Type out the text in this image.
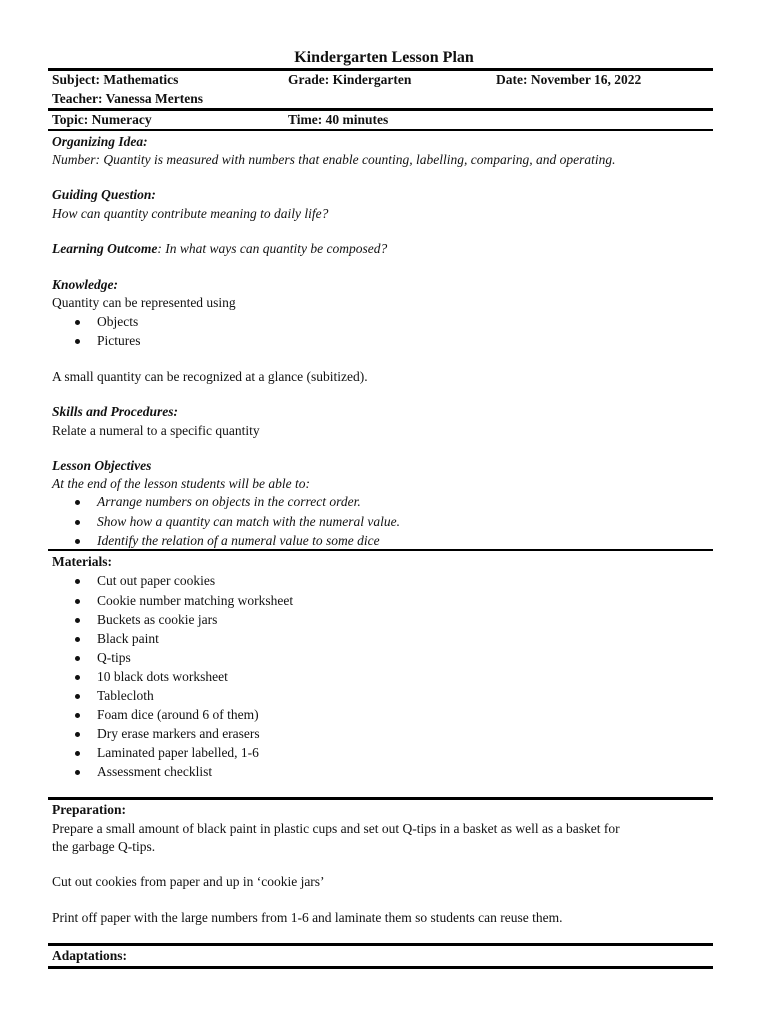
Kindergarten Lesson Plan
Subject: Mathematics	Grade: Kindergarten	Date: November 16, 2022
Teacher: Vanessa Mertens
Topic: Numeracy	Time: 40 minutes
Organizing Idea:
Number: Quantity is measured with numbers that enable counting, labelling, comparing, and operating.
Guiding Question:
How can quantity contribute meaning to daily life?
Learning Outcome: In what ways can quantity be composed?
Knowledge:
Quantity can be represented using
Objects
Pictures
A small quantity can be recognized at a glance (subitized).
Skills and Procedures:
Relate a numeral to a specific quantity
Lesson Objectives
At the end of the lesson students will be able to:
Arrange numbers on objects in the correct order.
Show how a quantity can match with the numeral value.
Identify the relation of a numeral value to some dice
Materials:
Cut out paper cookies
Cookie number matching worksheet
Buckets as cookie jars
Black paint
Q-tips
10 black dots worksheet
Tablecloth
Foam dice (around 6 of them)
Dry erase markers and erasers
Laminated paper labelled, 1-6
Assessment checklist
Preparation:
Prepare a small amount of black paint in plastic cups and set out Q-tips in a basket as well as a basket for
the garbage Q-tips.
Cut out cookies from paper and up in ‘cookie jars’
Print off paper with the large numbers from 1-6 and laminate them so students can reuse them.
Adaptations:
